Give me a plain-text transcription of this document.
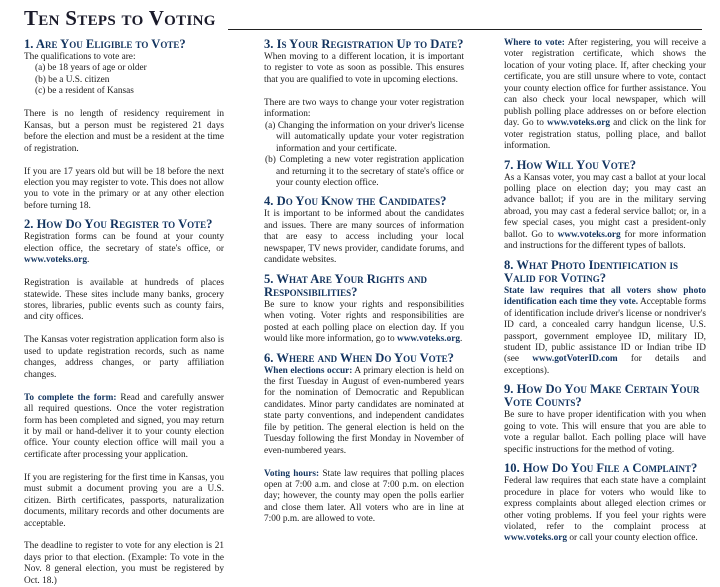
Ten Steps to Voting
1. Are You Eligible to Vote?

The qualifications to vote are:

(a) be 18 years of age or older

(b) be a U.S. citizen

(c) be a resident of Kansas

There is no length of residency requirement in Kansas, but a person must be registered 21 days before the election and must be a resident at the time of registration.

If you are 17 years old but will be 18 before the next election you may register to vote. This does not allow you to vote in the primary or at any other election before turning 18.

2. How Do You Register to Vote?

Registration forms can be found at your county election office, the secretary of state's office, or www.voteks.org.

Registration is available at hundreds of places statewide. These sites include many banks, grocery stores, libraries, public events such as county fairs, and city offices.

The Kansas voter registration application form also is used to update registration records, such as name changes, address changes, or party affiliation changes.

To complete the form: Read and carefully answer all required questions. Once the voter registration form has been completed and signed, you may return it by mail or hand-deliver it to your county election office. Your county election office will mail you a certificate after processing your application.

If you are registering for the first time in Kansas, you must submit a document proving you are a U.S. citizen. Birth certificates, passports, naturalization documents, military records and other documents are acceptable.

The deadline to register to vote for any election is 21 days prior to that election. (Example: To vote in the Nov. 8 general election, you must be registered by Oct. 18.)

3. Is Your Registration Up to Date?

When moving to a different location, it is important to register to vote as soon as possible. This ensures that you are qualified to vote in upcoming elections.

There are two ways to change your voter registration information:

(a) Changing the information on your driver's license will automatically update your voter registration information and your certificate.

(b) Completing a new voter registration application and returning it to the secretary of state's office or your county election office.

4. Do You Know the Candidates?

It is important to be informed about the candidates and issues. There are many sources of information that are easy to access including your local newspaper, TV news provider, candidate forums, and candidate websites.

5. What Are Your Rights and Responsibilities?

Be sure to know your rights and responsibilities when voting. Voter rights and responsibilities are posted at each polling place on election day. If you would like more information, go to www.voteks.org.

6. Where and When Do You Vote?

When elections occur: A primary election is held on the first Tuesday in August of even-numbered years for the nomination of Democratic and Republican candidates. Minor party candidates are nominated at state party conventions, and independent candidates file by petition. The general election is held on the Tuesday following the first Monday in November of even-numbered years.

Voting hours: State law requires that polling places open at 7:00 a.m. and close at 7:00 p.m. on election day; however, the county may open the polls earlier and close them later. All voters who are in line at 7:00 p.m. are allowed to vote.

Where to vote: After registering, you will receive a voter registration certificate, which shows the location of your voting place. If, after checking your certificate, you are still unsure where to vote, contact your county election office for further assistance. You can also check your local newspaper, which will publish polling place addresses on or before election day. Go to www.voteks.org and click on the link for voter registration status, polling place, and ballot information.

7. How Will You Vote?

As a Kansas voter, you may cast a ballot at your local polling place on election day; you may cast an advance ballot; if you are in the military serving abroad, you may cast a federal service ballot; or, in a few special cases, you might cast a president-only ballot. Go to www.voteks.org for more information and instructions for the different types of ballots.

8. What Photo Identification is Valid for Voting?

State law requires that all voters show photo identification each time they vote. Acceptable forms of identification include driver's license or nondriver's ID card, a concealed carry handgun license, U.S. passport, government employee ID, military ID, student ID, public assistance ID or Indian tribe ID (see www.gotVoterID.com for details and exceptions).

9. How Do You Make Certain Your Vote Counts?

Be sure to have proper identification with you when going to vote. This will ensure that you are able to vote a regular ballot. Each polling place will have specific instructions for the method of voting.

10. How Do You File a Complaint?

Federal law requires that each state have a complaint procedure in place for voters who would like to express complaints about alleged election crimes or other voting problems. If you feel your rights were violated, refer to the complaint process at www.voteks.org or call your county election office.
